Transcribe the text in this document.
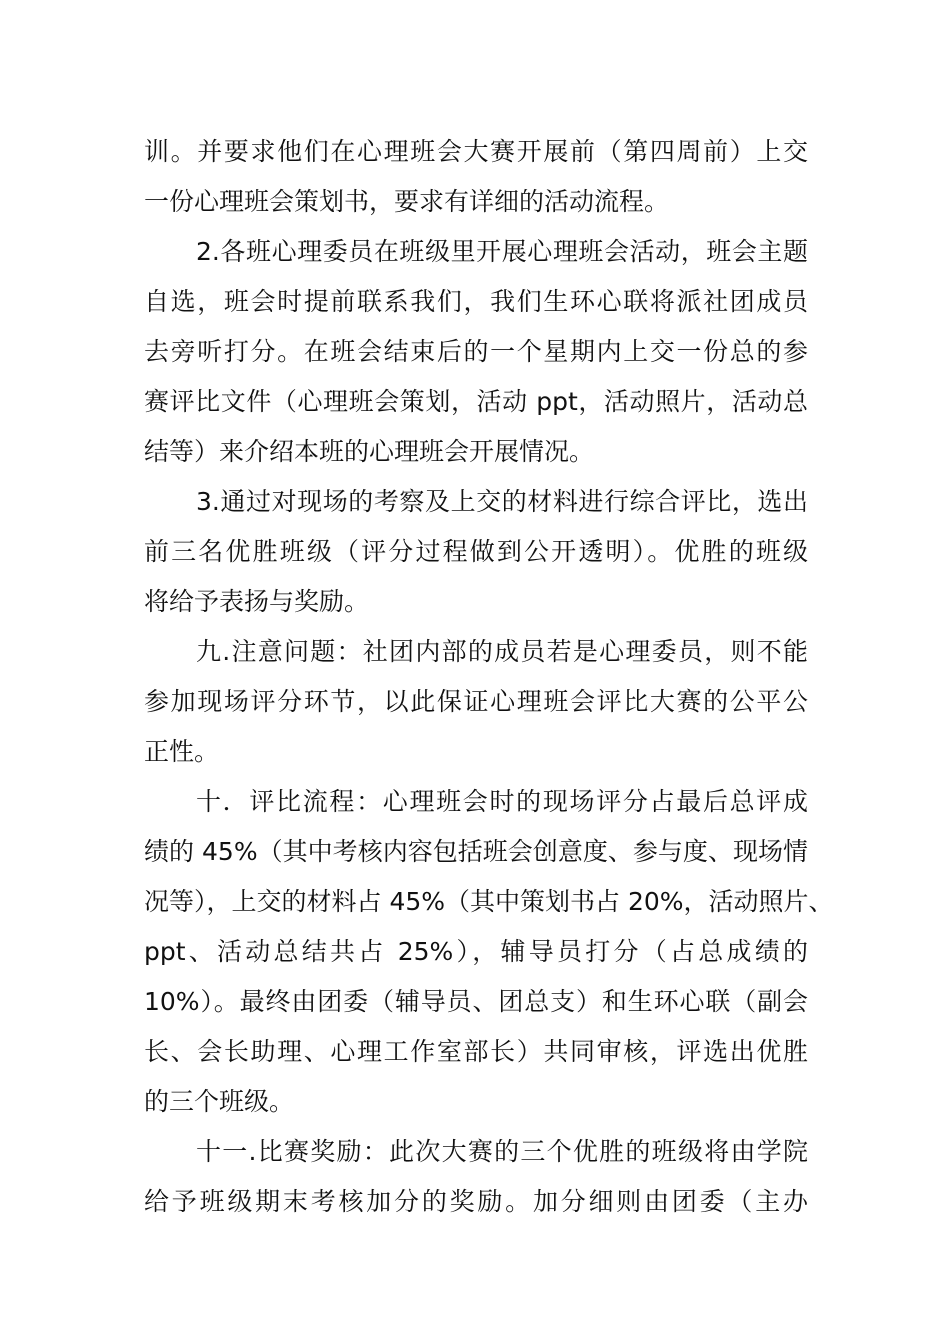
训。并要求他们在心理班会大赛开展前（第四周前）上交
一份心理班会策划书，要求有详细的活动流程。
2.各班心理委员在班级里开展心理班会活动，班会主题
自选，班会时提前联系我们，我们生环心联将派社团成员
去旁听打分。在班会结束后的一个星期内上交一份总的参
赛评比文件（心理班会策划，活动 ppt，活动照片，活动总
结等）来介绍本班的心理班会开展情况。
3.通过对现场的考察及上交的材料进行综合评比，选出
前三名优胜班级（评分过程做到公开透明）。优胜的班级
将给予表扬与奖励。
九.注意问题：社团内部的成员若是心理委员，则不能
参加现场评分环节，以此保证心理班会评比大赛的公平公
正性。
十．评比流程：心理班会时的现场评分占最后总评成
绩的 45%（其中考核内容包括班会创意度、参与度、现场情
况等），上交的材料占 45%（其中策划书占 20%，活动照片、
ppt、活动总结共占 25%），辅导员打分（占总成绩的
10%）。最终由团委（辅导员、团总支）和生环心联（副会
长、会长助理、心理工作室部长）共同审核，评选出优胜
的三个班级。
十一.比赛奖励：此次大赛的三个优胜的班级将由学院
给予班级期末考核加分的奖励。加分细则由团委（主办
